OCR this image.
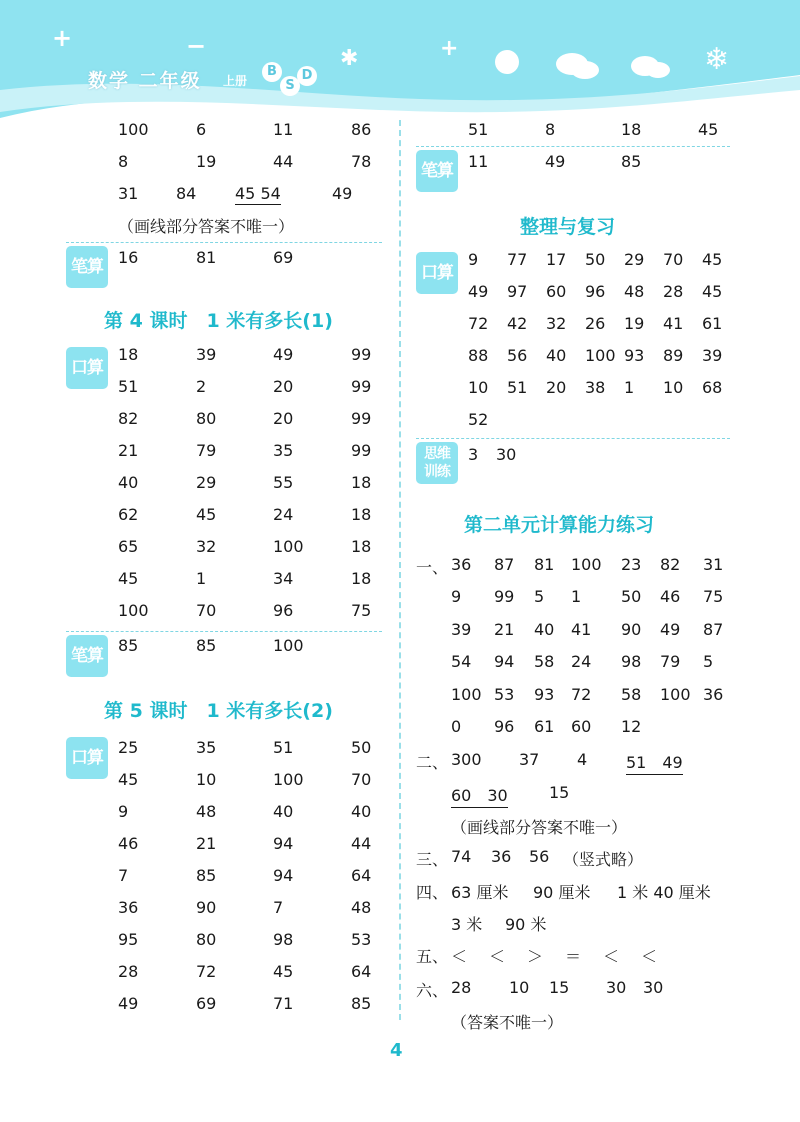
+	−	✱	+	❄
数学 二年级 上册
B
S
D
100	6	11	86
8	19	44	78
31 84 45 54	49
（画线部分答案不唯一）
笔算 16	81	69
第 4 课时　1 米有多长(1)
口算
18	39	49	99
51	2	20	99
82	80	20	99
21	79	35	99
40	29	55	18
62	45	24	18
65	32	100	18
45	1	34	18
100	70	96	75
笔算
85	85	100
第 5 课时　1 米有多长(2)
口算
25	35	51	50
45	10	100	70
9	48	40	40
46	21	94	44
7	85	94	64
36	90	7	48
95	80	98	53
28	72	45	64
49	69	71	85
51	8	18	45
笔算 11	49	85
整理与复习
口算
9 77 17 50 29 70 45
49 97 60 96 48 28 45
72 42 32 26 19 41 61
88 56 40 100 93 89 39
10 51 20 38 1 10 68
52
思维
训练
3 30
第二单元计算能力练习
一、 36 87 81 100 23 82 31
9 99 5 1 50 46 75
39 21 40 41 90 49 87
54 94 58 24 98 79 5
100 53 93 72 58 100 36
0 96 61 60 12
二、 300 37 4 51　49
60　30	15
（画线部分答案不唯一）
三、 74 36 56 （竖式略）
四、 63 厘米 90 厘米 1 米 40 厘米
3 米 90 米
五、 ＜ ＜ ＞ ＝ ＜ ＜
六、 28 10 15 30 30
（答案不唯一）
4
